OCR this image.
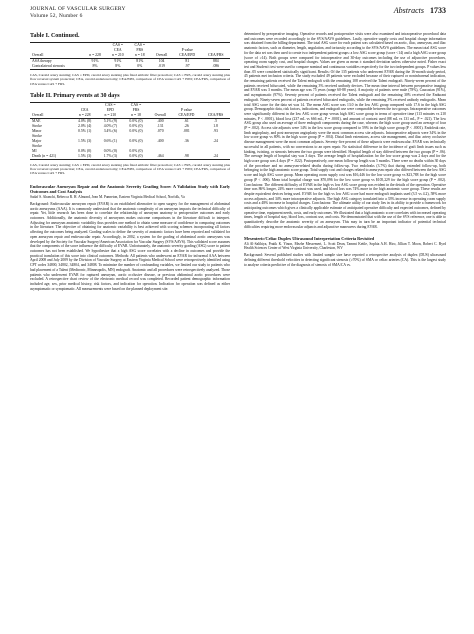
JOURNAL OF VASCULAR SURGERY
Volume 52, Number 6
Abstracts 1733
Table I. Continued.
		CAS =	CAS =			
		CEA	FRS		P value	
Overall	n = 228	n = 210	n = 18	Overall	CEA/EPD	CEA/FRS
ASA therapy	91%	91%	81%	104	81	884
Contralateral stenosis	8%	8%	0%	.019	.97	.086
CAS, Carotid artery stenting; CAS = EPD, carotid artery stenting plus fixed embolic filter protection; CAS = FRS, carotid artery stenting plus flow reversal system protection; CEA, carotid endarterectomy; CEA/EPD, comparison of CEA versus CAS + EPD; CEA/FRS, comparison of CEA versus CAS + FRS.
Table II. Primary events at 30 days
		CAS =	CAS =			
	CEA	EPD	FRS		P value	
Overall	n = 228	n = 210	n = 18	Overall	CEA/EPD	CEA/FRS
MAE	4.0% (8)	5.1% (9)	0.0% (0)	.400	.61	.5
Stroke	2.0% (4)	4.0% (7)	0.0% (0)	.131	.26	1.8
Minor	0.5% (1)	3.4% (6)	0.0% (0)	.070	.081	.93
Stroke						
Major	1.5% (3)	0.6% (1)	0.0% (0)	.400	.36	.24
Stroke						
MI	0.0% (0)	0.0% (0)	0.0% (0)			
Death (n = 421)	1.5% (3)	1.7% (3)	0.0% (0)	.464	.98	.24
CAS, Carotid artery stenting; CAS = EPD, carotid artery stenting plus fixed embolic filter protection; CAS = FRS, carotid artery stenting plus flow reversal system protection; CEA, carotid endarterectomy; CEA/EPD, comparison of CEA versus CAS + EPD; CEA/FRS, comparison of CEA versus CAS + FRS.
Endovascular Aneurysm Repair and the Anatomic Severity Grading Score: A Validation Study with Early Outcomes and Cost Analysis
Sadaf S. Ahanchi, Rebecca R. H. Almond, Jean M. Panneton, Eastern Virginia Medical School, Norfolk, Va
Background: Endovascular aneurysm repair (EVAR) is an established alternative to open surgery for the management of abdominal aortic aneurysms (AAA). It is commonly understood that the anatomic complexity of an aneurysm impacts the technical difficulty of repair. Yet, little research has been done to correlate the relationship of aneurysm anatomy to perioperative outcomes and early outcomes. Additionally, the anatomic diversity of aneurysms makes outcome comparisons in the literature difficult to interpret. Adjusting for aneurysm anatomic variability thus provides one method to obtain some measure of confidence in comparing outcomes in the literature. The objective of obtaining for anatomic variability is best achieved with scoring schemes incorporating all factors affecting the outcomes being analyzed. Grading scales to define the severity of anatomic factors have been reported and validated for open aneurysm repair and endovascular repair. Accordingly, in 2002, a system for the grading of abdominal aortic aneurysms was developed by the Society for Vascular Surgery/American Association for Vascular Surgery (SVS/AAVS). This validated score assumes that the components of the score influence the difficulty of EVAR. Unfortunately, the anatomic severity grading (ASG) score to patient outcomes has not been established. We hypothesize that a high ASG score correlates with a decline in outcomes and provide the practical translation of this score into clinical outcomes. Methods: All patients who underwent an EVAR for infrarenal AAA between April 2008 and July 2009 by the Division of Vascular Surgery at Eastern Virginia Medical School were retrospectively identified using CPT codes 34800, 34802, 34804, and 34808. To minimize the number of confounding variables, we limited our study to patients who had placement of a Talent (Medtronic, Minneapolis, MN) endograft. Anatomic and all procedures were retrospectively analyzed. Those patients who underwent EVAR for ruptured aneurysm, aortic occlusive disease, or previous abdominal aortic procedures were excluded. A retrospective chart review of the electronic medical record was completed. Recorded patient demographic information included age, sex, prior medical history, risk factors, and indication for operation. Indication for operation was defined as either asymptomatic or symptomatic. All measurements were based on the planned deployment site.
determined by preoperative imaging. Operative records and postoperative visits were also examined and intraoperative procedural data and outcomes were recorded accordingly to the SVS/AAVS guidelines. Lastly, operative supply costs and hospital charge information was obtained from the billing department. The total ASG score for each patient was calculated based on aortic, iliac, aneurysm, and iliac anatomic factors, such as diameter, length, angulation, and tortuosity according to the SVS/AAVS guidelines. The mean total ASG score for the data set was then used to create two independent patient groups: a low ASG score group (score <14) and a high ASG score group (score of ≥14). Both groups were compared for intraoperative and 30-day outcomes including the use of adjunctive procedures, operating room supply cost, and hospital charges. Values are given as mean ± standard deviation unless otherwise noted. Fisher exact test and Student t test were used to compare nominal and continuous variables respectively for the two independent groups. P values less than .05 were considered statistically significant. Results: Of the 135 patients who underwent EVAR during the 16-month study period, 45 patients met inclusion criteria. The study excluded 49 patients were excluded because of their ruptured or noninfrarenal indication, the remaining patients received the Talent endograft with the remaining 108 received the Talent endograft. Ninety-seven percent of the patients received bifurcated, while the remaining 3% received unibody devices. The mean time interval between preoperative imaging and EVAR was 3 months. The mean age was 75 years (range 60-88 years). A majority of patients were male (78%), Caucasian (91%), and asymptomatic (97%). Seventy percent of patients received the Talent endograft and the remaining 30% received the Endurant endograft. Ninety-seven percent of patients received bifurcated endografts, while the remaining 3% received unibody endografts. Mean total ASG score for the data set was 14. The mean ASG score was 13.0 in the low ASG group compared with 17.6 in the high ASG group. Demographic data, risk factors, indications, and endograft use were comparable between the two groups. Intraoperative outcomes were significantly different in the low ASG score group versus high ASG score group in terms of operative time (113 minutes vs 210 minutes, P < .0001), blood loss (237 mL vs 666 mL, P = .0001), and amount of contrast used (88 mL vs 131 mL, P = .021). The low ASG group also used an average of three endograft components during the case, whereas the high score group used an average of four (P = .002). Access site adjuncts were 14% in the low score group compared to 59% in the high score group (P < .0001). Endoleak rate, limb angioplasty, and post-aneurysm angioplasty were the most common access site adjuncts. Intraoperative adjuncts were 34% in the low score group vs 80% in the high score group (P = .004). Distal limb extensions, access site management, and iliac artery occlusive disease management were the most common adjuncts. Seventy-five percent of these adjuncts were endovascular. EVAR was technically successful in all patients, with no conversions to an open repair. No statistical difference in the incidence of graft limb issues such as kinking, twisting, or stenosis between the two groups were identified. Hospital length of stay differed between the two groups (P = .06). The average length of hospital stay was 3 days. The average length of hospitalization for the low score group was 2 days and for the high score group was 4 days (P = .022). Postoperatively, one mean follow-up length was 5 months. There were no deaths within 30 days of the procedure and no aneurysm-related deaths during follow-up. Two endoleaks (3.7%) that during extended follow-up, both belonging to the high anatomic score group. Total supply cost and charges related to aneurysm repair also differed between the low ASG score and high ASG score group. Mean operating room supply cost was $16,446 for the low score group vs $23,788 for the high score group (P < .006). Mean total hospital charge was $70,096 for the low score group vs $105,229 for the high score group (P = .002). Conclusions: The different difficulty of EVAR in the high vs low ASG score group was evident in the details of the operation. Operative time was 86% longer, 24% more contrast was used, and blood loss was 74% more in the high anatomic score group. These results are despite equivalent devices being used. EVAR for the high vs low ASG score had more endograft implants used (3.5 vs 4.2), 58% more access adjuncts, and 34% more intraoperative adjuncts. The high ASG category translated into a 33% increase in operating room supply costs and a 48% increase in hospital charges. Conclusions: The ultimate utility of our study lies in its ability to provide a framework for anticipating outcomes which gives a clinically applicable estimate of anticipated operative difficulty and expected outcomes, defined by operative time, equipment needs, costs, and early outcomes. We illustrated that a high anatomic score correlates with increased operating times, length of hospital stay, blood loss, contrast use, and costs. We demonstrated that with the use of the SVS reference, one is able to quantitatively describe the anatomic severity of an aneurysm. This may in turn be an important indicator of potential technical difficulties requiring more endovascular adjuncts and adjunctive maneuvers during EVAR.
Mesenteric/Celiac Duplex Ultrasound Interpretation Criteria Revisited
Ali Al-Salihiya, Pratik K. Yinon, Mezhe Messemeri, L. Scott Dean, Tammi Kettle, Sophia A.H. Hiro, Jillian T. Moon, Robert C. Byrd Health Sciences Center of West Virginia University, Charleston, WV
Background: Several published studies with limited sample size have reported a retrospective analysis of duplex (DUS) ultrasound defining different threshold velocities in detecting significant stenosis (≥70%) of SMA or celiac arteries (CA). This is the largest study to analyze criteria predictive of the diagnosis of stenosis of SMA/CA vs.
